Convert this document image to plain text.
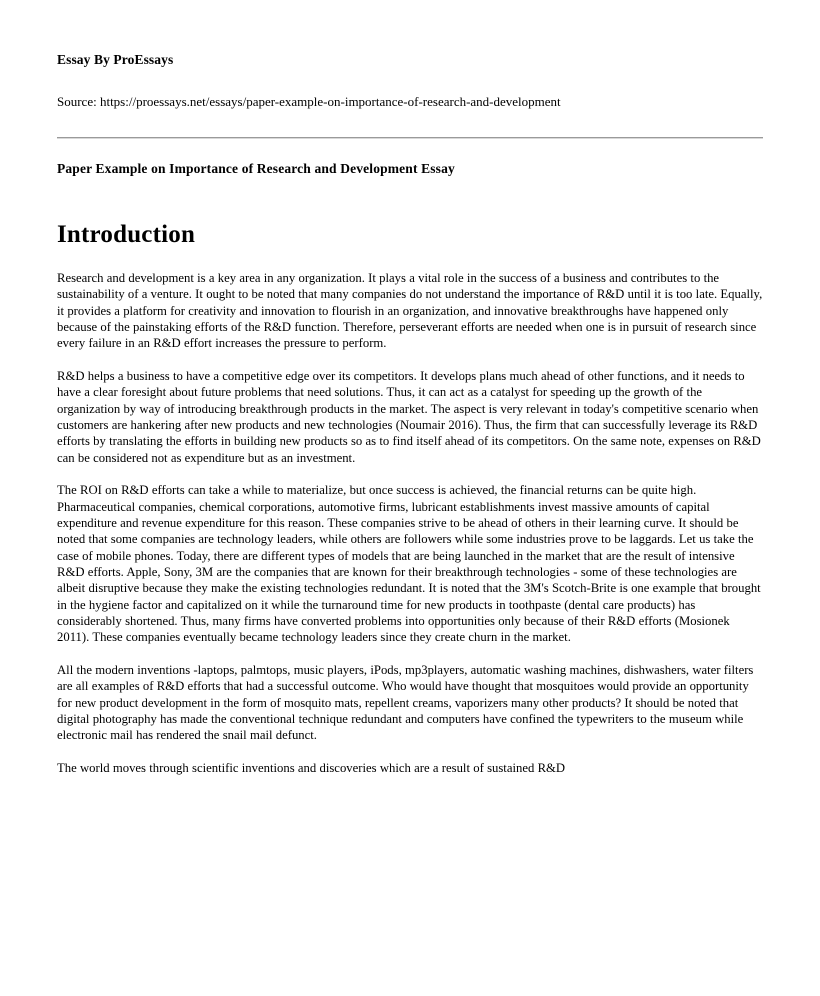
Essay By ProEssays
Source: https://proessays.net/essays/paper-example-on-importance-of-research-and-development
Paper Example on Importance of Research and Development Essay
Introduction

Research and development is a key area in any organization. It plays a vital role in the success of a business and contributes to the sustainability of a venture. It ought to be noted that many companies do not understand the importance of R&D until it is too late. Equally, it provides a platform for creativity and innovation to flourish in an organization, and innovative breakthroughs have happened only because of the painstaking efforts of the R&D function. Therefore, perseverant efforts are needed when one is in pursuit of research since every failure in an R&D effort increases the pressure to perform.

R&D helps a business to have a competitive edge over its competitors. It develops plans much ahead of other functions, and it needs to have a clear foresight about future problems that need solutions. Thus, it can act as a catalyst for speeding up the growth of the organization by way of introducing breakthrough products in the market. The aspect is very relevant in today's competitive scenario when customers are hankering after new products and new technologies (Noumair 2016). Thus, the firm that can successfully leverage its R&D efforts by translating the efforts in building new products so as to find itself ahead of its competitors. On the same note, expenses on R&D can be considered not as expenditure but as an investment.

The ROI on R&D efforts can take a while to materialize, but once success is achieved, the financial returns can be quite high. Pharmaceutical companies, chemical corporations, automotive firms, lubricant establishments invest massive amounts of capital expenditure and revenue expenditure for this reason. These companies strive to be ahead of others in their learning curve. It should be noted that some companies are technology leaders, while others are followers while some industries prove to be laggards. Let us take the case of mobile phones. Today, there are different types of models that are being launched in the market that are the result of intensive R&D efforts. Apple, Sony, 3M are the companies that are known for their breakthrough technologies - some of these technologies are albeit disruptive because they make the existing technologies redundant. It is noted that the 3M's Scotch-Brite is one example that brought in the hygiene factor and capitalized on it while the turnaround time for new products in toothpaste (dental care products) has considerably shortened. Thus, many firms have converted problems into opportunities only because of their R&D efforts (Mosionek 2011). These companies eventually became technology leaders since they create churn in the market.

All the modern inventions -laptops, palmtops, music players, iPods, mp3players, automatic washing machines, dishwashers, water filters are all examples of R&D efforts that had a successful outcome. Who would have thought that mosquitoes would provide an opportunity for new product development in the form of mosquito mats, repellent creams, vaporizers many other products? It should be noted that digital photography has made the conventional technique redundant and computers have confined the typewriters to the museum while electronic mail has rendered the snail mail defunct.

The world moves through scientific inventions and discoveries which are a result of sustained R&D
